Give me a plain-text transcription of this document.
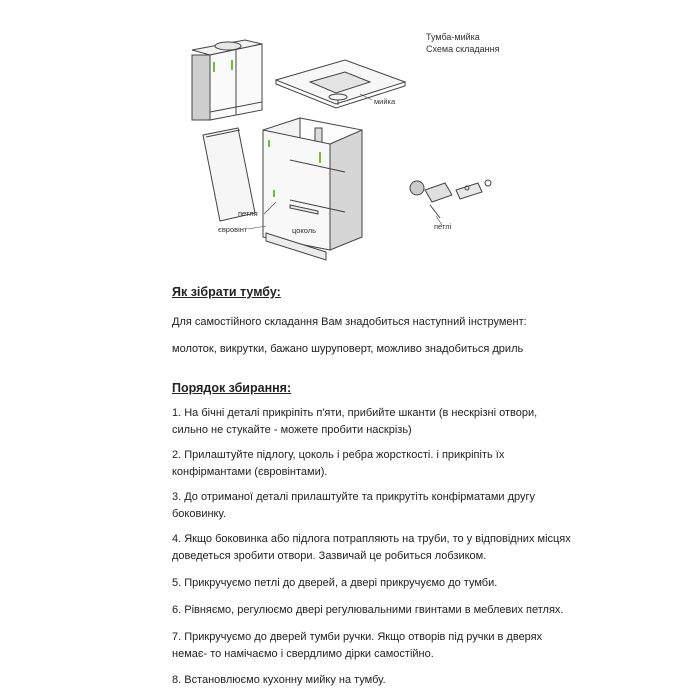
мийка
петля
євровінт	цоколь	петлі
Тумба-мийка
Схема складання

Як зібрати тумбу:

Для самостійного складання Вам знадобиться наступний інструмент:

молоток, викрутки, бажано шуруповерт, можливо знадобиться дриль

Порядок збирання:

1. На бічні деталі прикріпіть п'яти, прибийте шканти (в нескрізні отвори,

сильно не стукайте - можете пробити наскрізь)

2. Прилаштуйте підлогу, цоколь і ребра жорсткості. і прикріпіть їх

конфірмантами (євровінтами).

3. До отриманої деталі прилаштуйте та прикрутіть конфірматами другу

боковинку.

4. Якщо боковинка або підлога потрапляють на труби, то у відповідних місцях

доведеться зробити отвори. Зазвичай це робиться лобзиком.

5. Прикручуємо петлі до дверей, а двері прикручуємо до тумби.

6. Рівняємо, регулюємо двері регулювальними гвинтами в меблевих петлях.

7. Прикручуємо до дверей тумби ручки. Якщо отворів під ручки в дверях

немає- то намічаємо і свердлимо дірки самостійно.

8. Встановлюємо кухонну мийку на тумбу.
